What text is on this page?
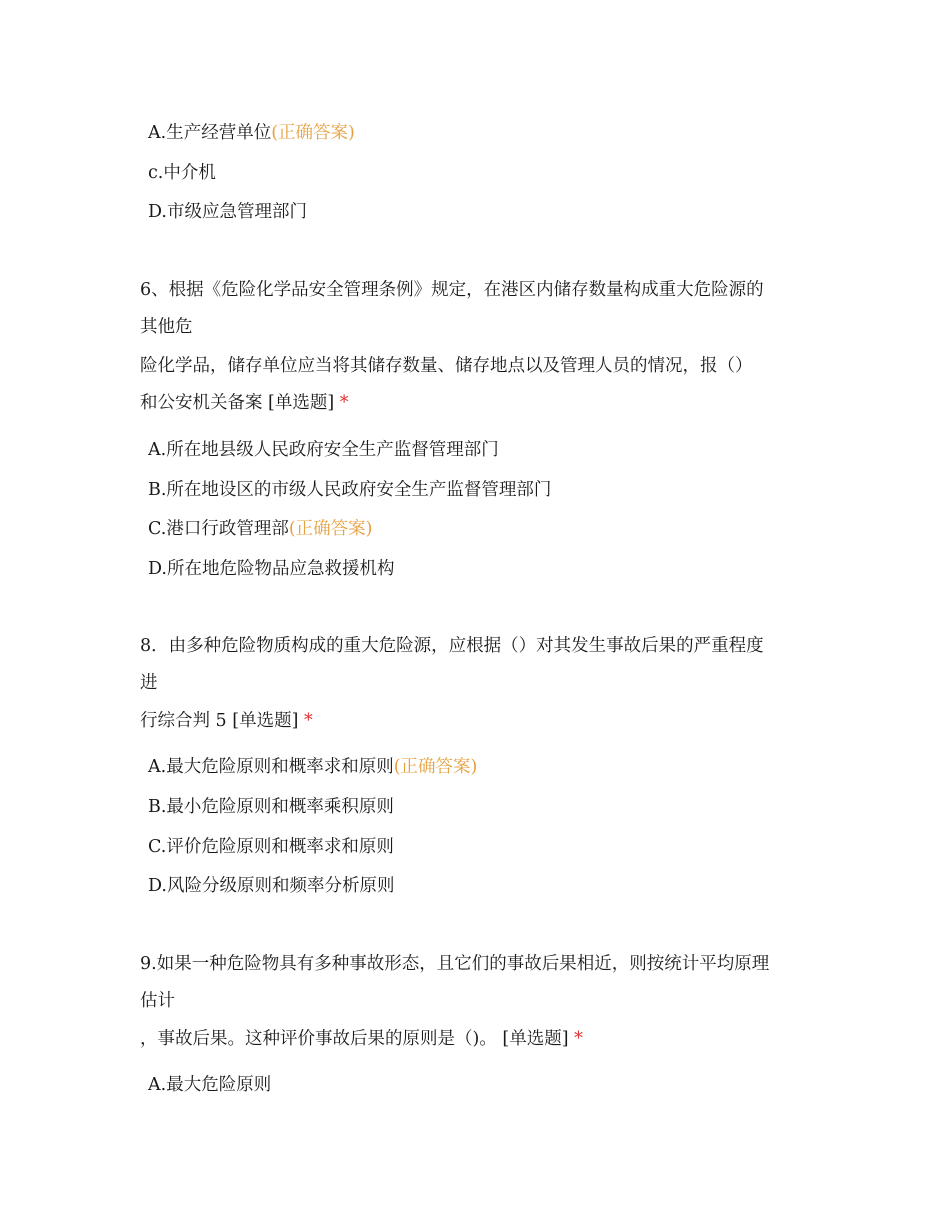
A.生产经营单位(正确答案)
c.中介机
D.市级应急管理部门
6、根据《危险化学品安全管理条例》规定，在港区内储存数量构成重大危险源的
其他危
险化学品，储存单位应当将其储存数量、储存地点以及管理人员的情况，报（）
和公安机关备案 [单选题] *
A.所在地县级人民政府安全生产监督管理部门
B.所在地设区的市级人民政府安全生产监督管理部门
C.港口行政管理部(正确答案)
D.所在地危险物品应急救援机构
8．由多种危险物质构成的重大危险源，应根据（）对其发生事故后果的严重程度
进
行综合判 5 [单选题] *
A.最大危险原则和概率求和原则(正确答案)
B.最小危险原则和概率乘积原则
C.评价危险原则和概率求和原则
D.风险分级原则和频率分析原则
9.如果一种危险物具有多种事故形态，且它们的事故后果相近，则按统计平均原理
估计
，事故后果。这种评价事故后果的原则是（)。 [单选题] *
A.最大危险原则
